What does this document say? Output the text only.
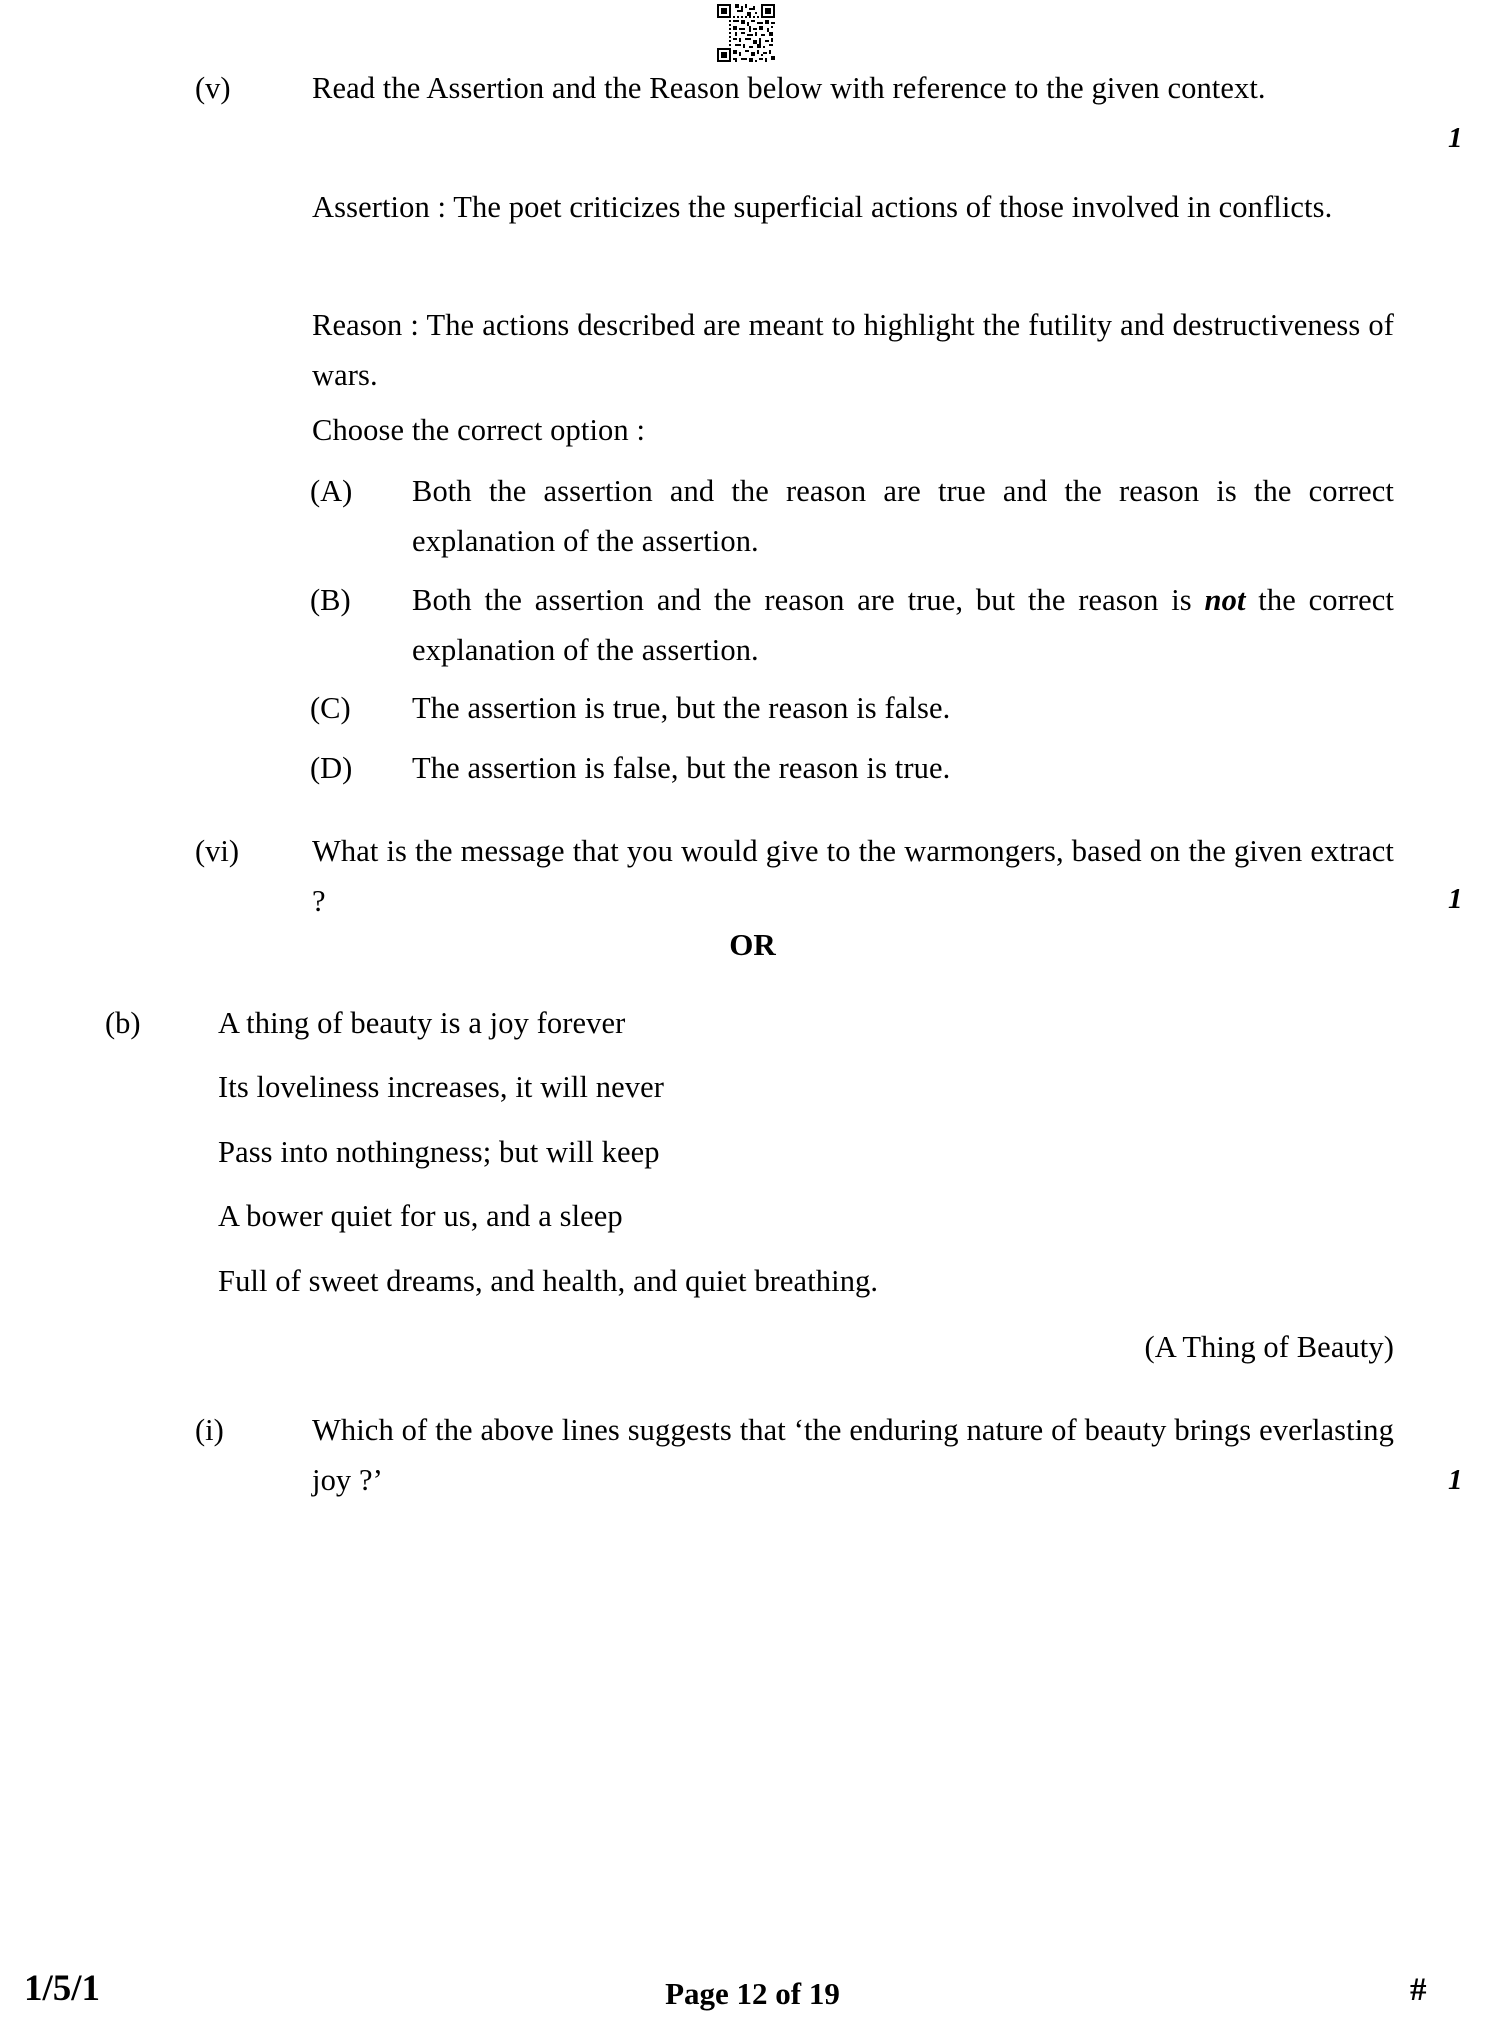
(v)	Read the Assertion and the Reason below with reference to the given context.
1
Assertion : The poet criticizes the superficial actions of those involved in conflicts.
Reason : The actions described are meant to highlight the futility and destructiveness of wars.
Choose the correct option :
(A)	Both the assertion and the reason are true and the reason is the correct explanation of the assertion.
(B)	Both the assertion and the reason are true, but the reason is not the correct explanation of the assertion.
(C)	The assertion is true, but the reason is false.
(D)	The assertion is false, but the reason is true.
(vi)	What is the message that you would give to the warmongers, based on the given extract ?	1
OR
(b)	A thing of beauty is a joy forever
Its loveliness increases, it will never
Pass into nothingness; but will keep
A bower quiet for us, and a sleep
Full of sweet dreams, and health, and quiet breathing.
(A Thing of Beauty)
(i)	Which of the above lines suggests that ‘the enduring nature of beauty brings everlasting joy ?’	1
1/5/1	Page 12 of 19	#
